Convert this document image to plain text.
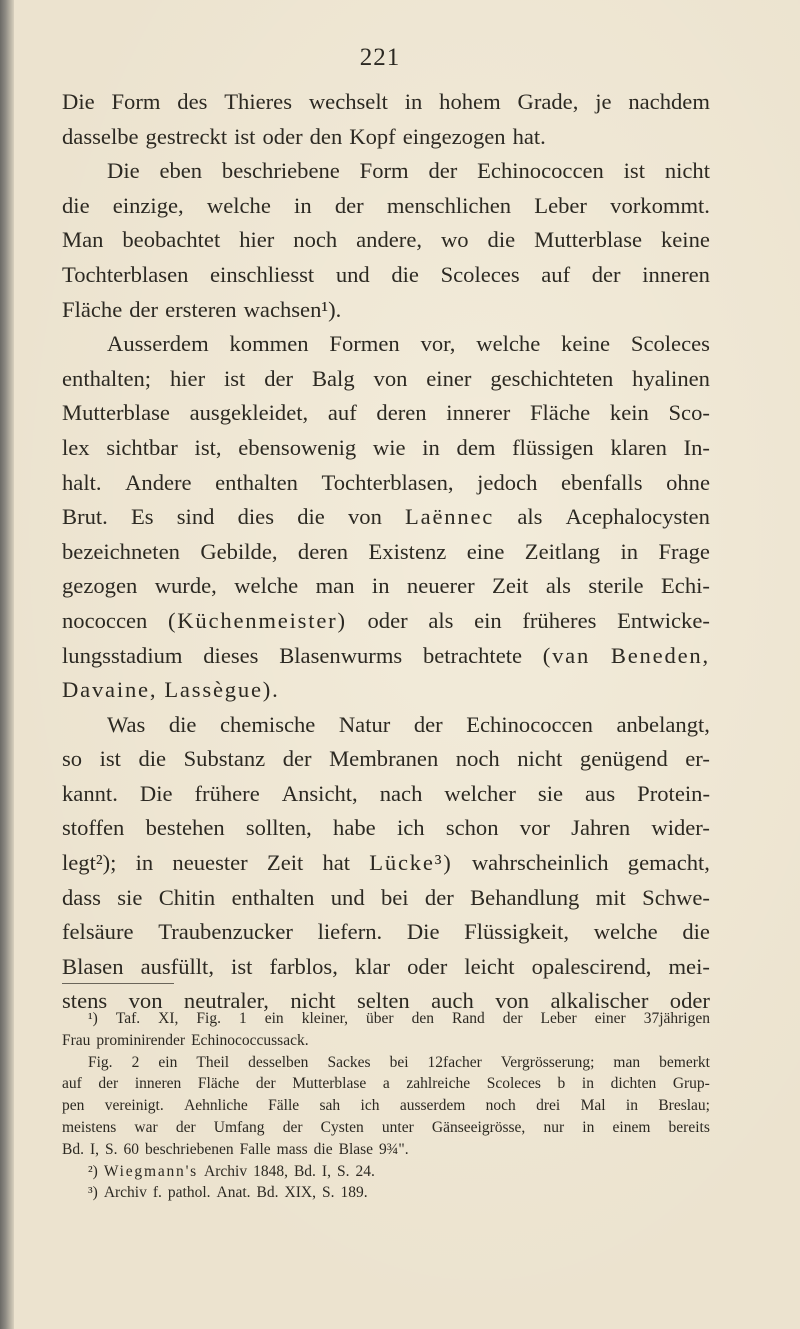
221
Die Form des Thieres wechselt in hohem Grade, je nachdem
dasselbe gestreckt ist oder den Kopf eingezogen hat.
Die eben beschriebene Form der Echinococcen ist nicht
die einzige, welche in der menschlichen Leber vorkommt.
Man beobachtet hier noch andere, wo die Mutterblase keine
Tochterblasen einschliesst und die Scoleces auf der inneren
Fläche der ersteren wachsen¹).
Ausserdem kommen Formen vor, welche keine Scoleces
enthalten; hier ist der Balg von einer geschichteten hyalinen
Mutterblase ausgekleidet, auf deren innerer Fläche kein Sco-
lex sichtbar ist, ebensowenig wie in dem flüssigen klaren In-
halt. Andere enthalten Tochterblasen, jedoch ebenfalls ohne
Brut. Es sind dies die von Laënnec als Acephalocysten
bezeichneten Gebilde, deren Existenz eine Zeitlang in Frage
gezogen wurde, welche man in neuerer Zeit als sterile Echi-
nococcen (Küchenmeister) oder als ein früheres Entwicke-
lungsstadium dieses Blasenwurms betrachtete (van Beneden,
Davaine, Lassègue).
Was die chemische Natur der Echinococcen anbelangt,
so ist die Substanz der Membranen noch nicht genügend er-
kannt. Die frühere Ansicht, nach welcher sie aus Protein-
stoffen bestehen sollten, habe ich schon vor Jahren wider-
legt²); in neuester Zeit hat Lücke³) wahrscheinlich gemacht,
dass sie Chitin enthalten und bei der Behandlung mit Schwe-
felsäure Traubenzucker liefern. Die Flüssigkeit, welche die
Blasen ausfüllt, ist farblos, klar oder leicht opalescirend, mei-
stens von neutraler, nicht selten auch von alkalischer oder
¹) Taf. XI, Fig. 1 ein kleiner, über den Rand der Leber einer 37jährigen
Frau prominirender Echinococcussack.
Fig. 2 ein Theil desselben Sackes bei 12facher Vergrösserung; man bemerkt
auf der inneren Fläche der Mutterblase a zahlreiche Scoleces b in dichten Grup-
pen vereinigt. Aehnliche Fälle sah ich ausserdem noch drei Mal in Breslau;
meistens war der Umfang der Cysten unter Gänseeigrösse, nur in einem bereits
Bd. I, S. 60 beschriebenen Falle mass die Blase 9¾".
²) Wiegmann's Archiv 1848, Bd. I, S. 24.
³) Archiv f. pathol. Anat. Bd. XIX, S. 189.
